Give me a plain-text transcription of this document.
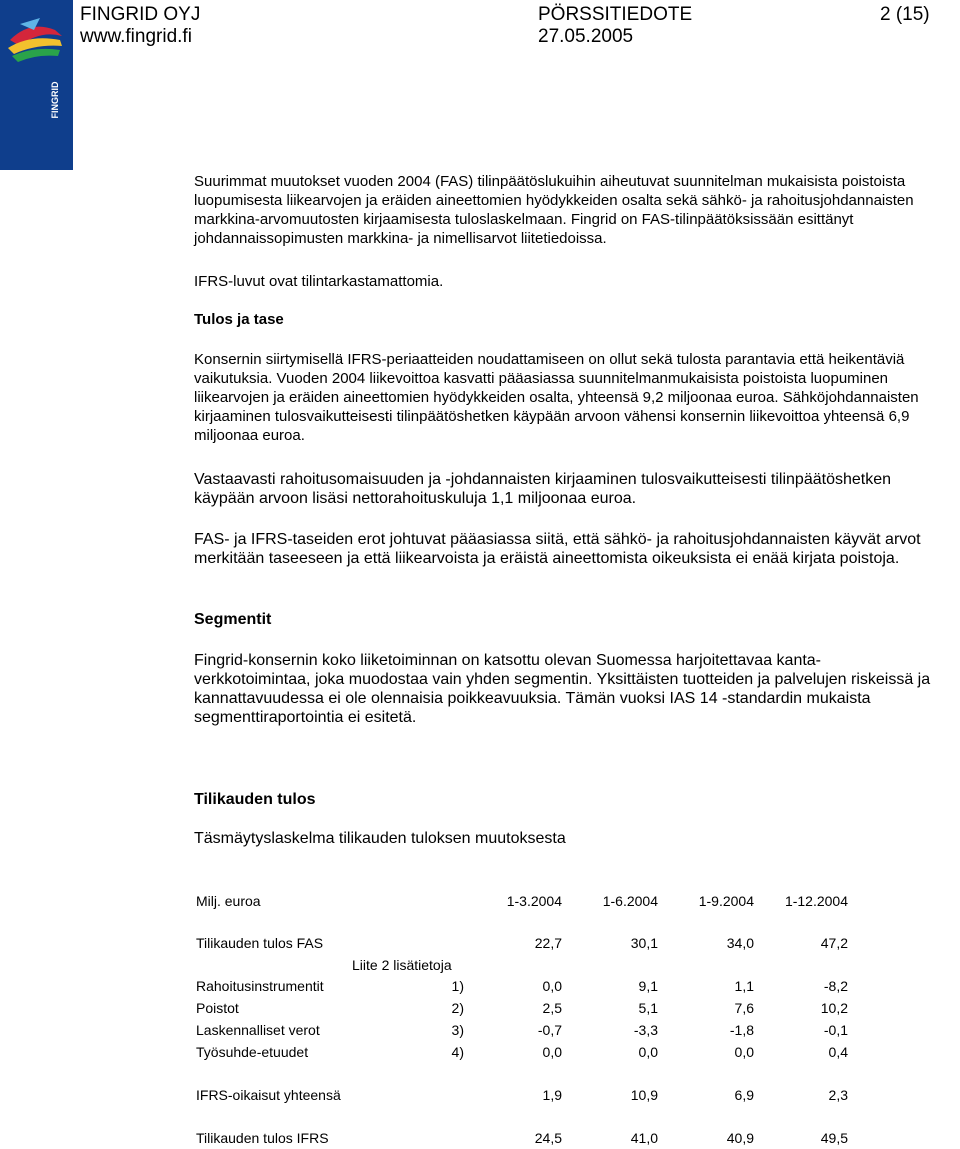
FINGRID
FINGRID OYJ
www.fingrid.fi
PÖRSSITIEDOTE
27.05.2005
2 (15)
Suurimmat muutokset vuoden 2004 (FAS) tilinpäätöslukuihin aiheutuvat suunnitelman mukaisista poistoista luopumisesta liikearvojen ja eräiden aineettomien hyödykkeiden osalta sekä sähkö- ja rahoitusjohdannaisten markkina-arvomuutosten kirjaamisesta tuloslaskelmaan. Fingrid on FAS-tilinpäätöksissään esittänyt johdannaissopimusten markkina- ja nimellisarvot liitetiedoissa.
IFRS-luvut ovat tilintarkastamattomia.
Tulos ja tase
Konsernin siirtymisellä IFRS-periaatteiden noudattamiseen on ollut sekä tulosta parantavia että heikentäviä vaikutuksia. Vuoden 2004 liikevoittoa kasvatti pääasiassa suunnitelmanmukaisista poistoista luopuminen liikearvojen ja eräiden aineettomien hyödykkeiden osalta, yhteensä 9,2 miljoonaa euroa. Sähköjohdannaisten kirjaaminen tulosvaikutteisesti tilinpäätöshetken käypään arvoon vähensi konsernin liikevoittoa yhteensä 6,9 miljoonaa euroa.
Vastaavasti rahoitusomaisuuden ja -johdannaisten kirjaaminen tulosvaikutteisesti tilinpäätöshetken käypään arvoon lisäsi nettorahoituskuluja 1,1 miljoonaa euroa.
FAS- ja IFRS-taseiden erot johtuvat pääasiassa siitä, että sähkö- ja rahoitusjohdannaisten käyvät arvot merkitään taseeseen ja että liikearvoista ja eräistä aineettomista oikeuksista ei enää kirjata poistoja.
Segmentit
Fingrid-konsernin koko liiketoiminnan on katsottu olevan Suomessa harjoitettavaa kanta-verkkotoimintaa, joka muodostaa vain yhden segmentin. Yksittäisten tuotteiden ja palvelujen riskeissä ja kannattavuudessa ei ole olennaisia poikkeavuuksia. Tämän vuoksi IAS 14 -standardin mukaista segmenttiraportointia ei esitetä.
Tilikauden tulos
Täsmäytyslaskelma tilikauden tuloksen muutoksesta
Milj. euroa	1-3.2004	1-6.2004	1-9.2004	1-12.2004
Tilikauden tulos FAS	22,7	30,1	34,0	47,2
Liite 2 lisätietoja
Rahoitusinstrumentit	1)	0,0	9,1	1,1	-8,2
Poistot	2)	2,5	5,1	7,6	10,2
Laskennalliset verot	3)	-0,7	-3,3	-1,8	-0,1
Työsuhde-etuudet	4)	0,0	0,0	0,0	0,4
IFRS-oikaisut yhteensä	1,9	10,9	6,9	2,3
Tilikauden tulos IFRS	24,5	41,0	40,9	49,5
